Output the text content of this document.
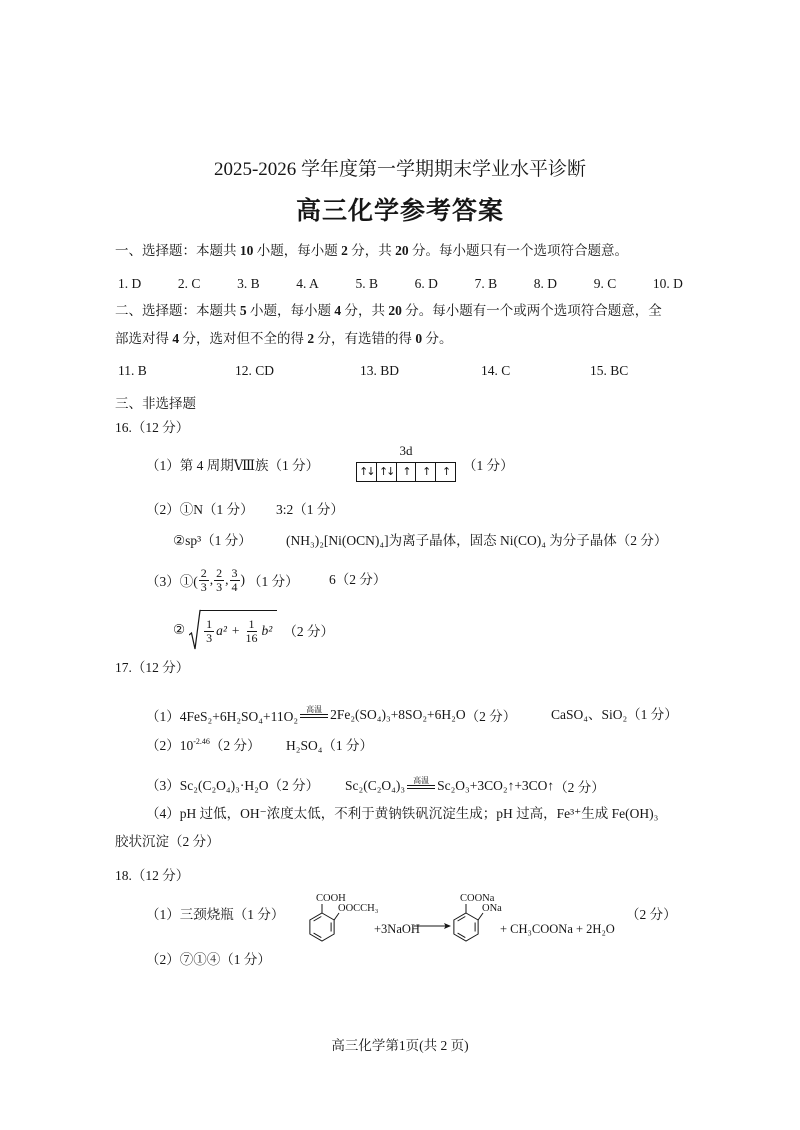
2025-2026 学年度第一学期期末学业水平诊断
高三化学参考答案
一、选择题：本题共 10 小题，每小题 2 分，共 20 分。每小题只有一个选项符合题意。
1. D	2. C	3. B	4. A	5. B	6. D	7. B	8. D	9. C	10. D
二、选择题：本题共 5 小题，每小题 4 分，共 20 分。每小题有一个或两个选项符合题意，全
部选对得 4 分，选对但不全的得 2 分，有选错的得 0 分。
11. B	12. CD	13. BD	14. C	15. BC
三、非选择题
16.（12 分）
（1）第 4 周期Ⅷ族（1 分）
3d
↑↓ ↑↓ ↑	↑	↑	（1 分）
（2）①N（1 分） 3:2（1 分）
②sp³（1 分）	(NH₃)₂[Ni(OCN)₄]为离子晶体，固态 Ni(CO)₄ 为分子晶体（2 分）
（3）①( $\frac{2}{3}$ , $\frac{2}{3}$ , $\frac{3}{4}$ ) （1 分） 6（2 分）
② $\frac{1}{3} a^2 + \frac{1}{16} b^2$ （2 分）
17.（12 分）
（1）4FeS₂+6H₂SO₄+11O₂ 高温 2Fe₂(SO₄)₃+8SO₂+6H₂O （2 分）	CaSO₄、SiO₂（1 分）
$(2)10^{-2.46}(2$ 分） H₂SO₄（1 分）
（3）Sc₂(C₂O₄)₃·H₂O（2 分） Sc₂(C₂O₄)₃ 高温 Sc₂O₃+3CO₂↑+3CO↑ （2 分）
（4）pH 过低，OH⁻浓度太低，不利于黄钠铁矾沉淀生成；pH 过高，Fe³⁺生成 Fe(OH)₃
胶状沉淀（2 分）
18.（12 分）
（1）三颈烧瓶（1 分）
COOH
OOCCH₃
+3NaOH
COONa
ONa
+ CH₃COONa + 2H₂O
（2 分）
（2）⑦①④（1 分）
高三化学第1页(共 2 页)
